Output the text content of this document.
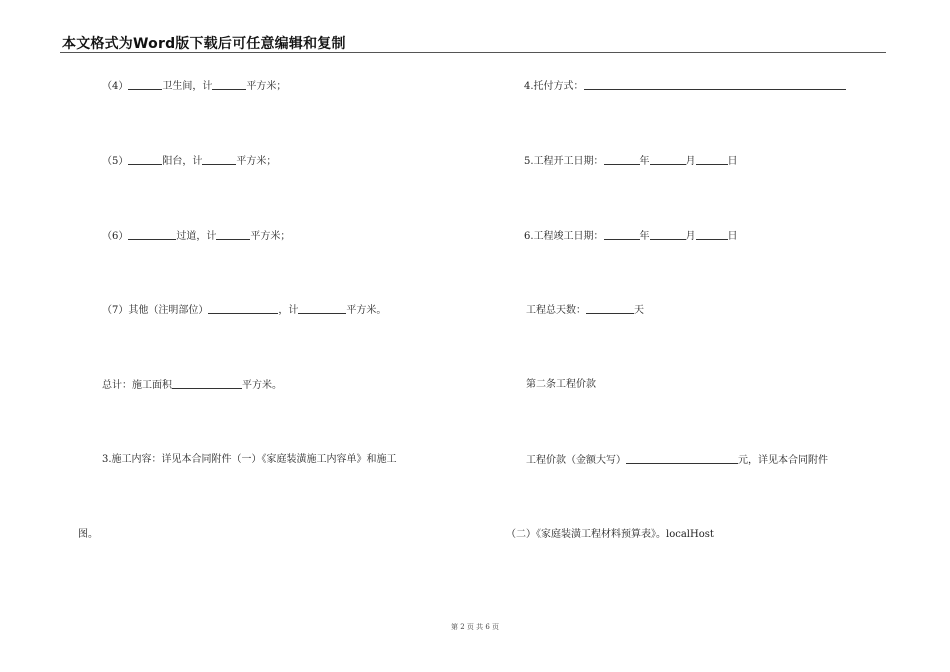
本文格式为Word版下载后可任意编辑和复制
（4）	卫生间，计	平方米；
（5）	阳台，计	平方米；
（6）	过道，计	平方米；
（7）其他（注明部位）	，计	平方米。
总计：施工面积	平方米。
3.施工内容：详见本合同附件（一）《家庭装潢施工内容单》和施工
图。
4.托付方式：
5.工程开工日期：	年	月	日
6.工程竣工日期：	年	月	日
工程总天数：	天
第二条工程价款
工程价款（金额大写）	元，详见本合同附件
（二）《家庭装潢工程材料预算表》。localHost
第 2 页 共 6 页
